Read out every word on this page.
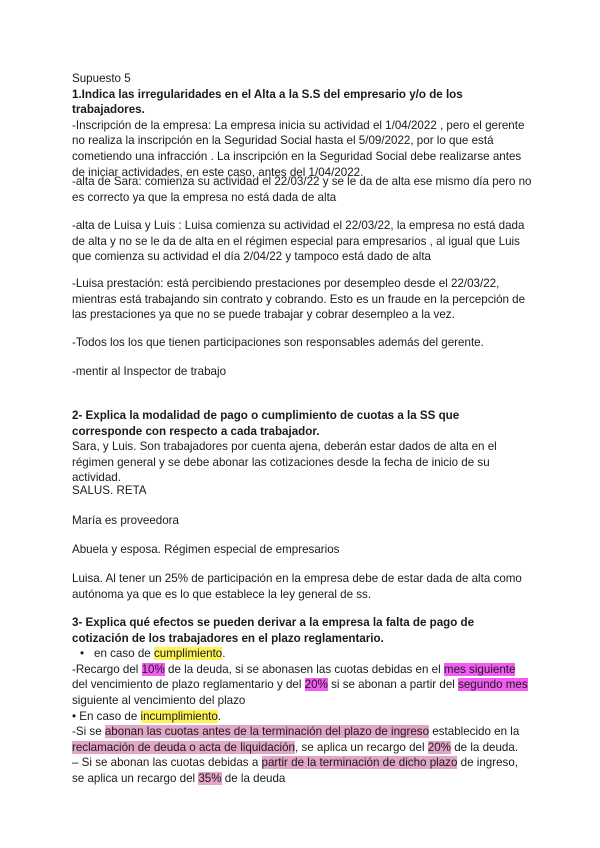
Supuesto 5

1.Indica las irregularidades en el Alta a la S.S del empresario y/o de los trabajadores.

-Inscripción de la empresa: La empresa inicia su actividad el 1/04/2022 , pero el gerente no realiza la inscripción en la Seguridad Social hasta el 5/09/2022, por lo que está cometiendo una infracción . La inscripción en la Seguridad Social debe realizarse antes de iniciar actividades, en este caso, antes del 1/04/2022.

-alta de Sara: comienza su actividad el 22/03/22 y se le da de alta ese mismo día pero no es correcto ya que la empresa no está dada de alta

-alta de Luisa y Luis : Luisa comienza su actividad el 22/03/22, la empresa no está dada de alta y no se le da de alta en el régimen especial para empresarios , al igual que Luis que comienza su actividad el día 2/04/22 y tampoco está dado de alta

-Luisa prestación: está percibiendo prestaciones por desempleo desde el 22/03/22, mientras está trabajando sin contrato y cobrando. Esto es un fraude en la percepción de las prestaciones ya que no se puede trabajar y cobrar desempleo a la vez.

-Todos los los que tienen participaciones son responsables además del gerente.

-mentir al Inspector de trabajo

2- Explica la modalidad de pago o cumplimiento de cuotas a la SS que corresponde con respecto a cada trabajador.

Sara, y Luis. Son trabajadores por cuenta ajena, deberán estar dados de alta en el régimen general y se debe abonar las cotizaciones desde la fecha de inicio de su actividad.

SALUS. RETA

María es proveedora

Abuela y esposa. Régimen especial de empresarios

Luisa. Al tener un 25% de participación en la empresa debe de estar dada de alta como autónoma ya que es lo que establece la ley general de ss.

3- Explica qué efectos se pueden derivar a la empresa la falta de pago de cotización de los trabajadores en el plazo reglamentario.

• en caso de cumplimiento.

-Recargo del 10% de la deuda, si se abonasen las cuotas debidas en el mes siguiente del vencimiento de plazo reglamentario y del 20% si se abonan a partir del segundo mes siguiente al vencimiento del plazo

• En caso de incumplimiento.

-Si se abonan las cuotas antes de la terminación del plazo de ingreso establecido en la reclamación de deuda o acta de liquidación, se aplica un recargo del 20% de la deuda.

– Si se abonan las cuotas debidas a partir de la terminación de dicho plazo de ingreso, se aplica un recargo del 35% de la deuda
